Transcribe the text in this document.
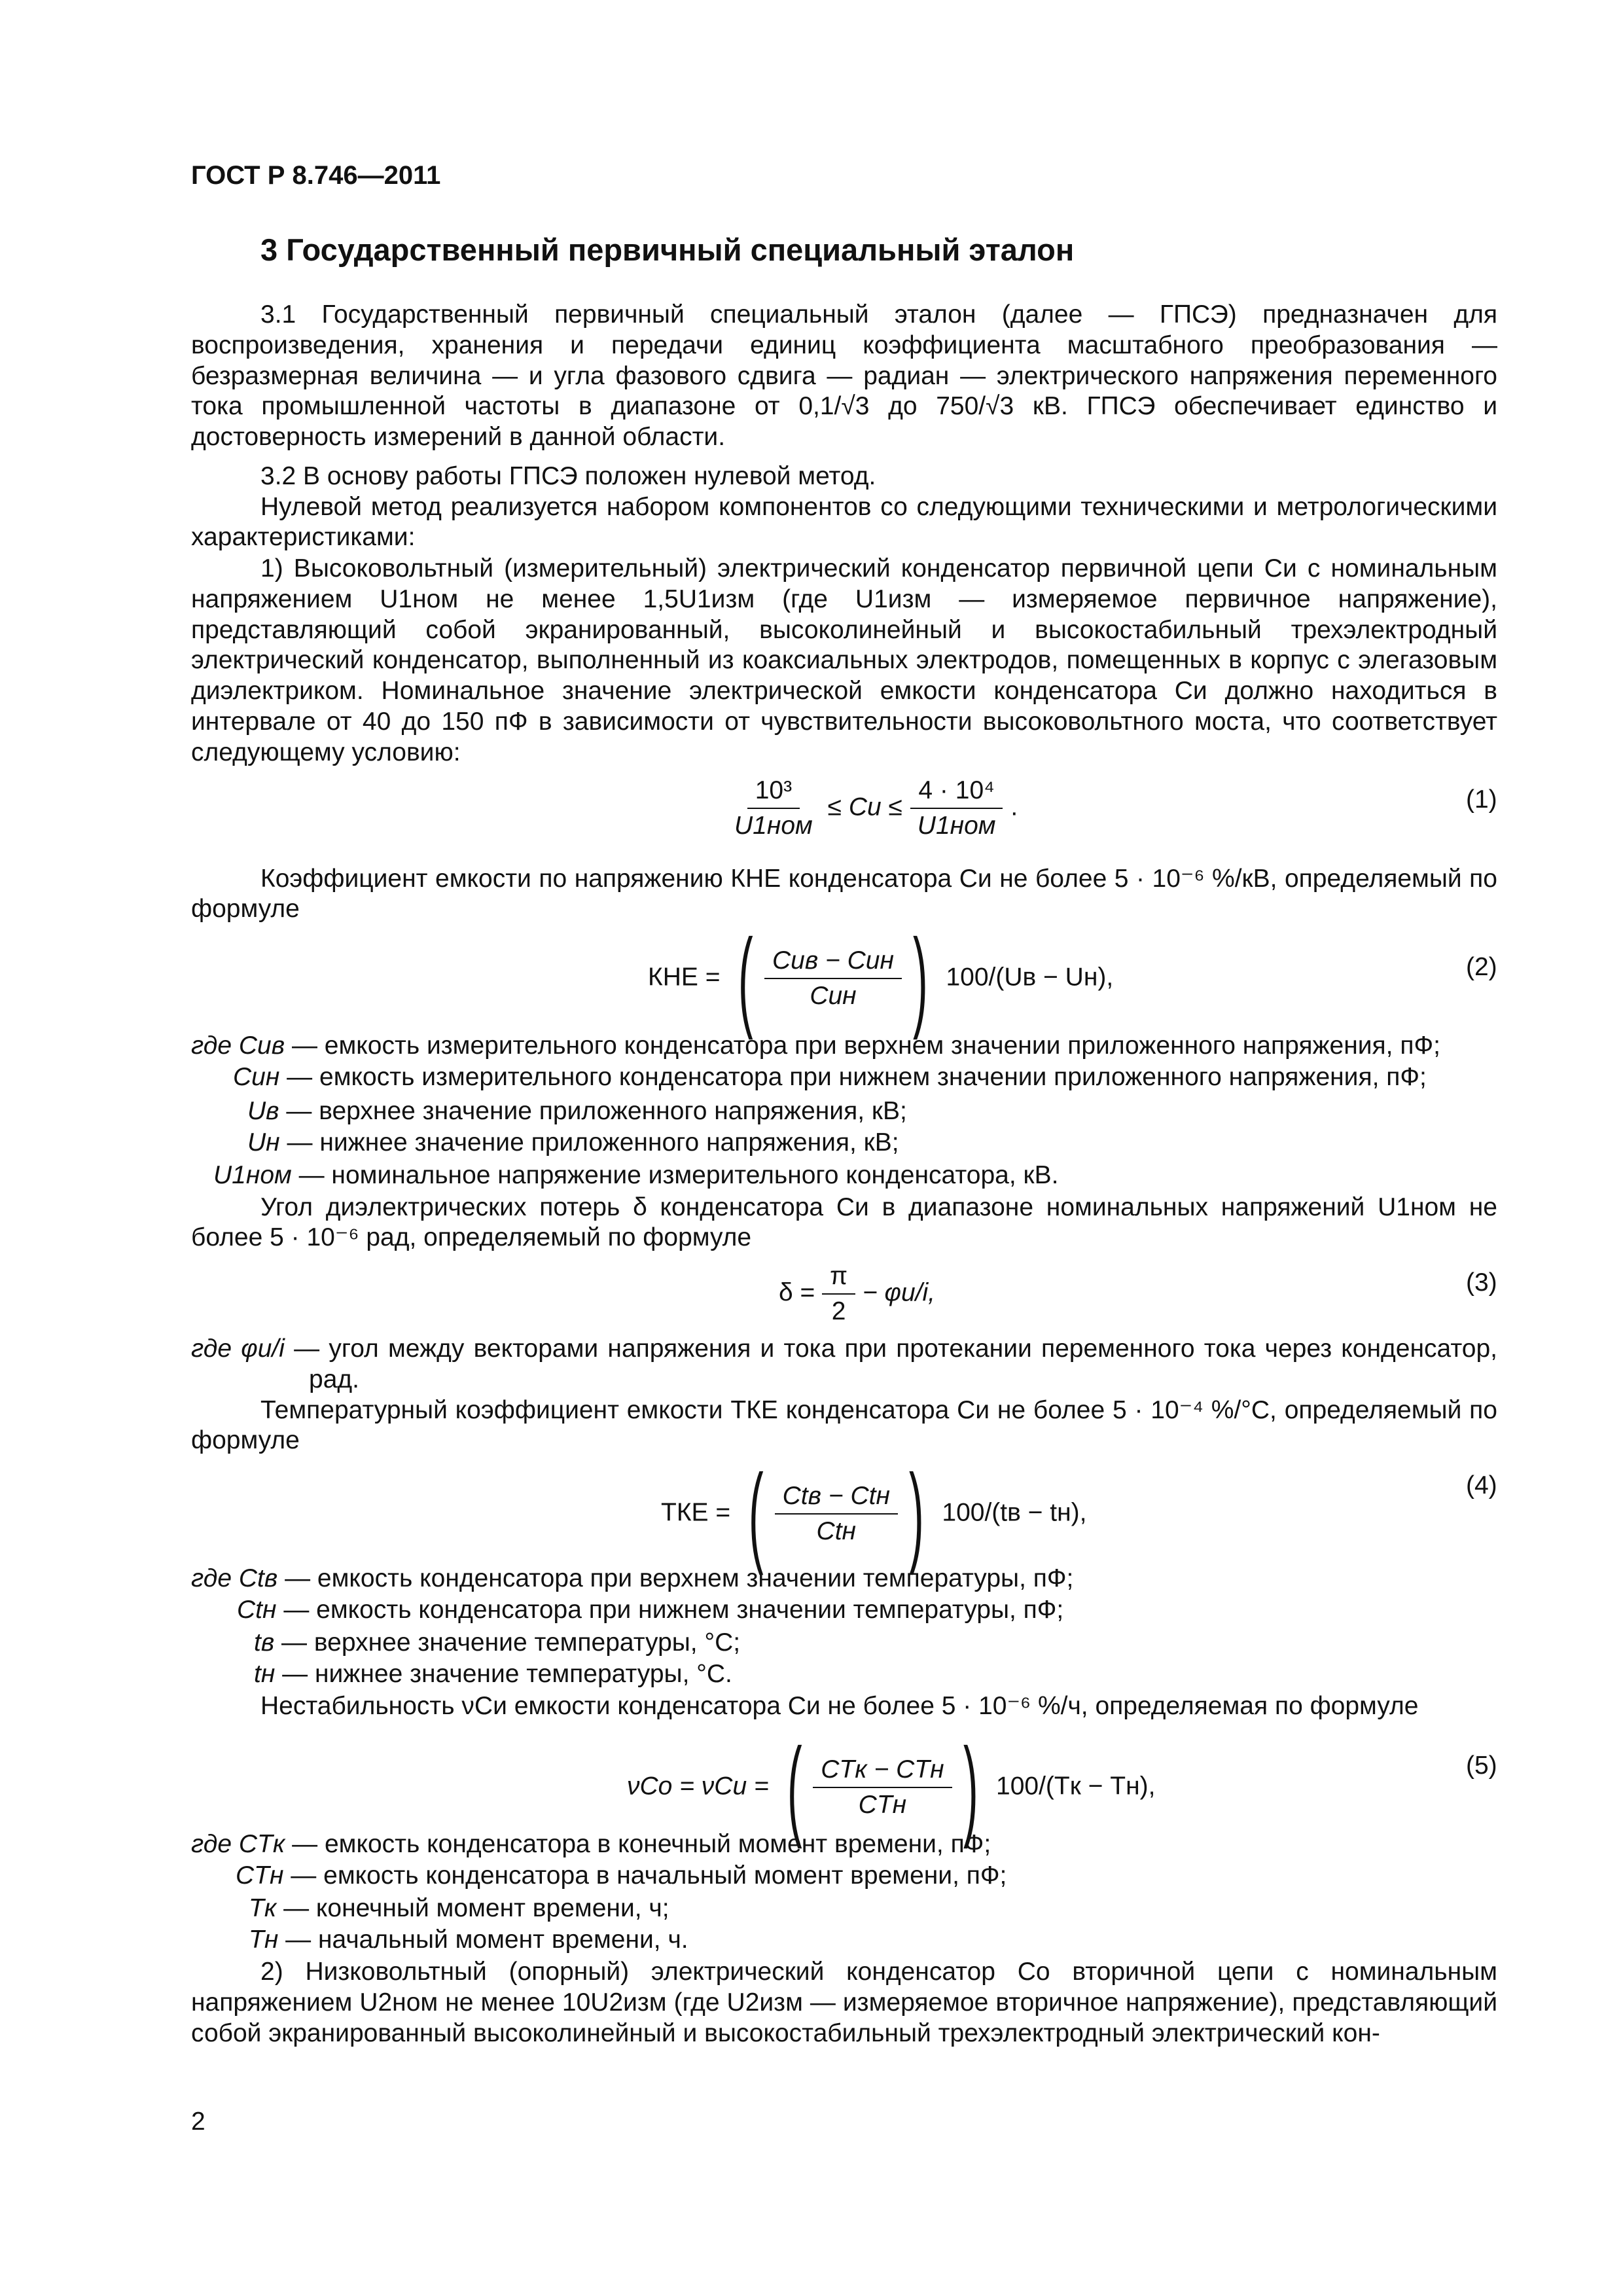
ГОСТ Р 8.746—2011
3 Государственный первичный специальный эталон

3.1 Государственный первичный специальный эталон (далее — ГПСЭ) предназначен для воспроизведения, хранения и передачи единиц коэффициента масштабного преобразования — безразмерная величина — и угла фазового сдвига — радиан — электрического напряжения переменного тока промышленной частоты в диапазоне от 0,1/√3 до 750/√3 кВ. ГПСЭ обеспечивает единство и достоверность измерений в данной области.

3.2 В основу работы ГПСЭ положен нулевой метод.

Нулевой метод реализуется набором компонентов со следующими техническими и метрологическими характеристиками:

1) Высоковольтный (измерительный) электрический конденсатор первичной цепи Cи с номинальным напряжением U1ном не менее 1,5U1изм (где U1изм — измеряемое первичное напряжение), представляющий собой экранированный, высоколинейный и высокостабильный трехэлектродный электрический конденсатор, выполненный из коаксиальных электродов, помещенных в корпус с элегазовым диэлектриком. Номинальное значение электрической емкости конденсатора Cи должно находиться в интервале от 40 до 150 пФ в зависимости от чувствительности высоковольтного моста, что соответствует следующему условию:

$\frac{\text{10³}}{\text{U1ном}}$ ≤ Cи ≤ $\frac{\text{4 · 10⁴}}{\text{U1ном}}$ .	(1)

Коэффициент емкости по напряжению КНЕ конденсатора Cи не более 5 · 10⁻⁶ %/кВ, определяемый по формуле

КНЕ = ( $\frac{\text{Cив − Cин}}{\text{Cин}}$ ) 100/(Uв − Uн),	(2)
где Cив — емкость измерительного конденсатора при верхнем значении приложенного напряжения, пФ;
Cин — емкость измерительного конденсатора при нижнем значении приложенного напряжения, пФ;
Uв — верхнее значение приложенного напряжения, кВ;
Uн — нижнее значение приложенного напряжения, кВ;
U1ном — номинальное напряжение измерительного конденсатора, кВ.

Угол диэлектрических потерь δ конденсатора Cи в диапазоне номинальных напряжений U1ном не более 5 · 10⁻⁶ рад, определяемый по формуле

$\delta = \frac{\pi}{2} - \varphi u/i$,	(3)
где φu/i — угол между векторами напряжения и тока при протекании переменного тока через конденсатор, рад.

Температурный коэффициент емкости ТКЕ конденсатора Cи не более 5 · 10⁻⁴ %/°С, определяемый по формуле

ТКЕ = ( $\frac{\text{Ctв − Ctн}}{\text{Ctн}}$ ) 100/(tв − tн),
(4)
где Ctв — емкость конденсатора при верхнем значении температуры, пФ;
Ctн — емкость конденсатора при нижнем значении температуры, пФ;
tв — верхнее значение температуры, °С;
tн — нижнее значение температуры, °С.

Нестабильность νCи емкости конденсатора Cи не более 5 · 10⁻⁶ %/ч, определяемая по формуле

νCо = νCи = ( $\frac{\text{CTк − CTн}}{\text{CTн}}$ ) 100/(Tк − Tн),
(5)
где CTк — емкость конденсатора в конечный момент времени, пФ;
CTн — емкость конденсатора в начальный момент времени, пФ;
Tк — конечный момент времени, ч;
Tн — начальный момент времени, ч.

2) Низковольтный (опорный) электрический конденсатор Cо вторичной цепи с номинальным напряжением U2ном не менее 10U2изм (где U2изм — измеряемое вторичное напряжение), представляющий собой экранированный высоколинейный и высокостабильный трехэлектродный электрический кон-

2
